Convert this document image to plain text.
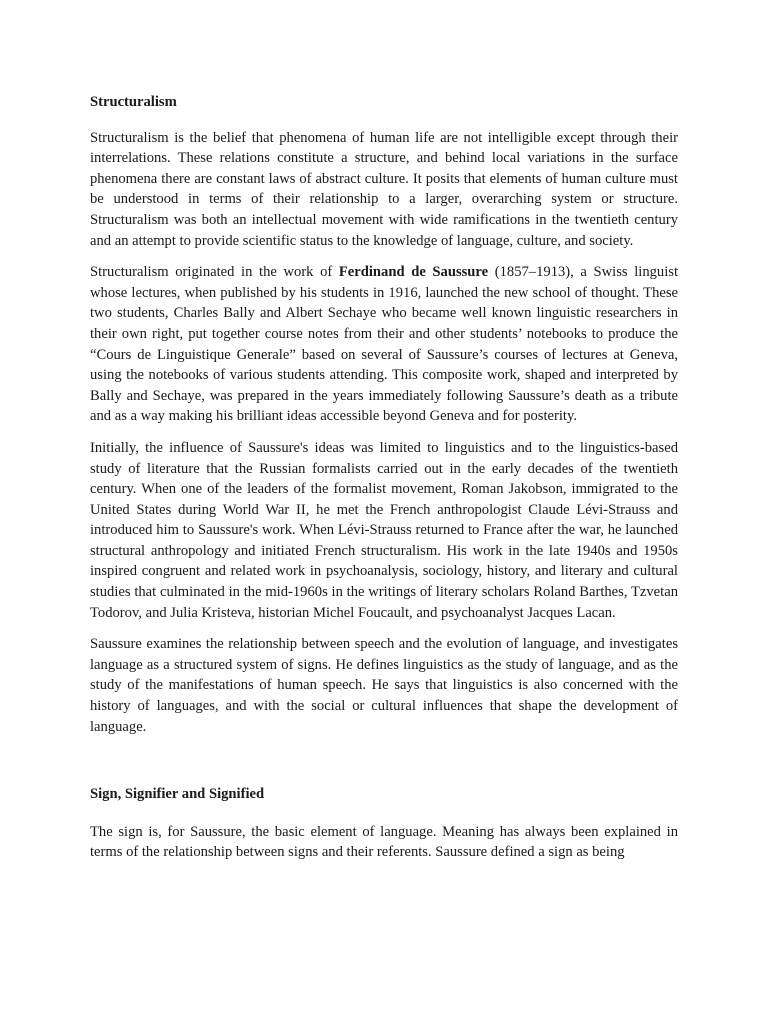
Structuralism

Structuralism is the belief that phenomena of human life are not intelligible except through their interrelations. These relations constitute a structure, and behind local variations in the surface phenomena there are constant laws of abstract culture. It posits that elements of human culture must be understood in terms of their relationship to a larger, overarching system or structure. Structuralism was both an intellectual movement with wide ramifications in the twentieth century and an attempt to provide scientific status to the knowledge of language, culture, and society.

Structuralism originated in the work of Ferdinand de Saussure (1857–1913), a Swiss linguist whose lectures, when published by his students in 1916, launched the new school of thought. These two students, Charles Bally and Albert Sechaye who became well known linguistic researchers in their own right, put together course notes from their and other students’ notebooks to produce the “Cours de Linguistique Generale” based on several of Saussure’s courses of lectures at Geneva, using the notebooks of various students attending. This composite work, shaped and interpreted by Bally and Sechaye, was prepared in the years immediately following Saussure’s death as a tribute and as a way making his brilliant ideas accessible beyond Geneva and for posterity.

Initially, the influence of Saussure's ideas was limited to linguistics and to the linguistics-based study of literature that the Russian formalists carried out in the early decades of the twentieth century. When one of the leaders of the formalist movement, Roman Jakobson, immigrated to the United States during World War II, he met the French anthropologist Claude Lévi-Strauss and introduced him to Saussure's work. When Lévi-Strauss returned to France after the war, he launched structural anthropology and initiated French structuralism. His work in the late 1940s and 1950s inspired congruent and related work in psychoanalysis, sociology, history, and literary and cultural studies that culminated in the mid-1960s in the writings of literary scholars Roland Barthes, Tzvetan Todorov, and Julia Kristeva, historian Michel Foucault, and psychoanalyst Jacques Lacan.

Saussure examines the relationship between speech and the evolution of language, and investigates language as a structured system of signs. He defines linguistics as the study of language, and as the study of the manifestations of human speech. He says that linguistics is also concerned with the history of languages, and with the social or cultural influences that shape the development of language.

Sign, Signifier and Signified

The sign is, for Saussure, the basic element of language. Meaning has always been explained in terms of the relationship between signs and their referents. Saussure defined a sign as being
